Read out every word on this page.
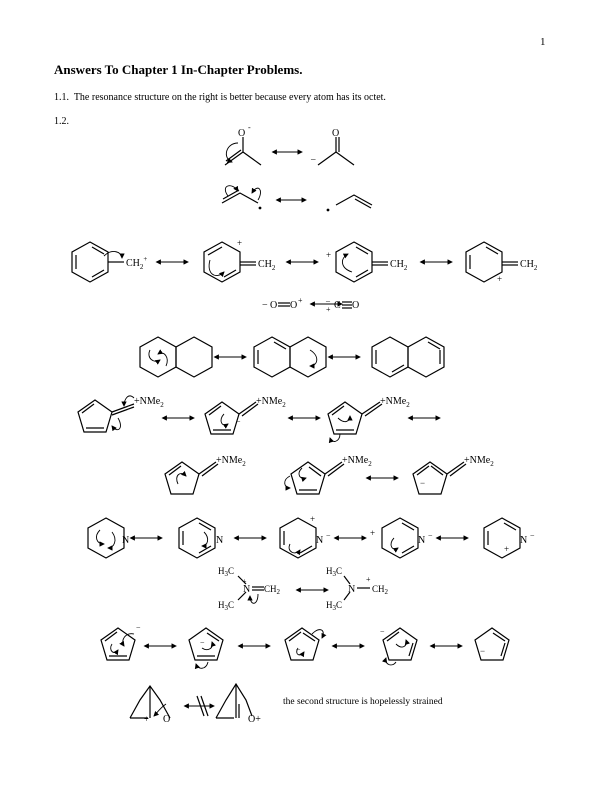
1
Answers To Chapter 1 In-Chapter Problems.
1.1. The resonance structure on the right is better because every atom has its octet.
1.2.
O
-
O
–
$CH_2^+$	$CH_2$
+
$CH_2$
+
$CH_2$
+
− O O +	–
+ C O
+NMe$_2$	+NMe$_2$
−
+NMe$_2$
+NMe$_2$	+NMe$_2$	+NMe$_2$
−
N	N	N −
+
N −
+
N −
+
$H_3C$
$H_3C$
+
N $CH_2$
$H_3C$
$H_3C$
N
+
$CH_2$
−
−
−
−
−
+ O	O+
the second structure is hopelessly strained
